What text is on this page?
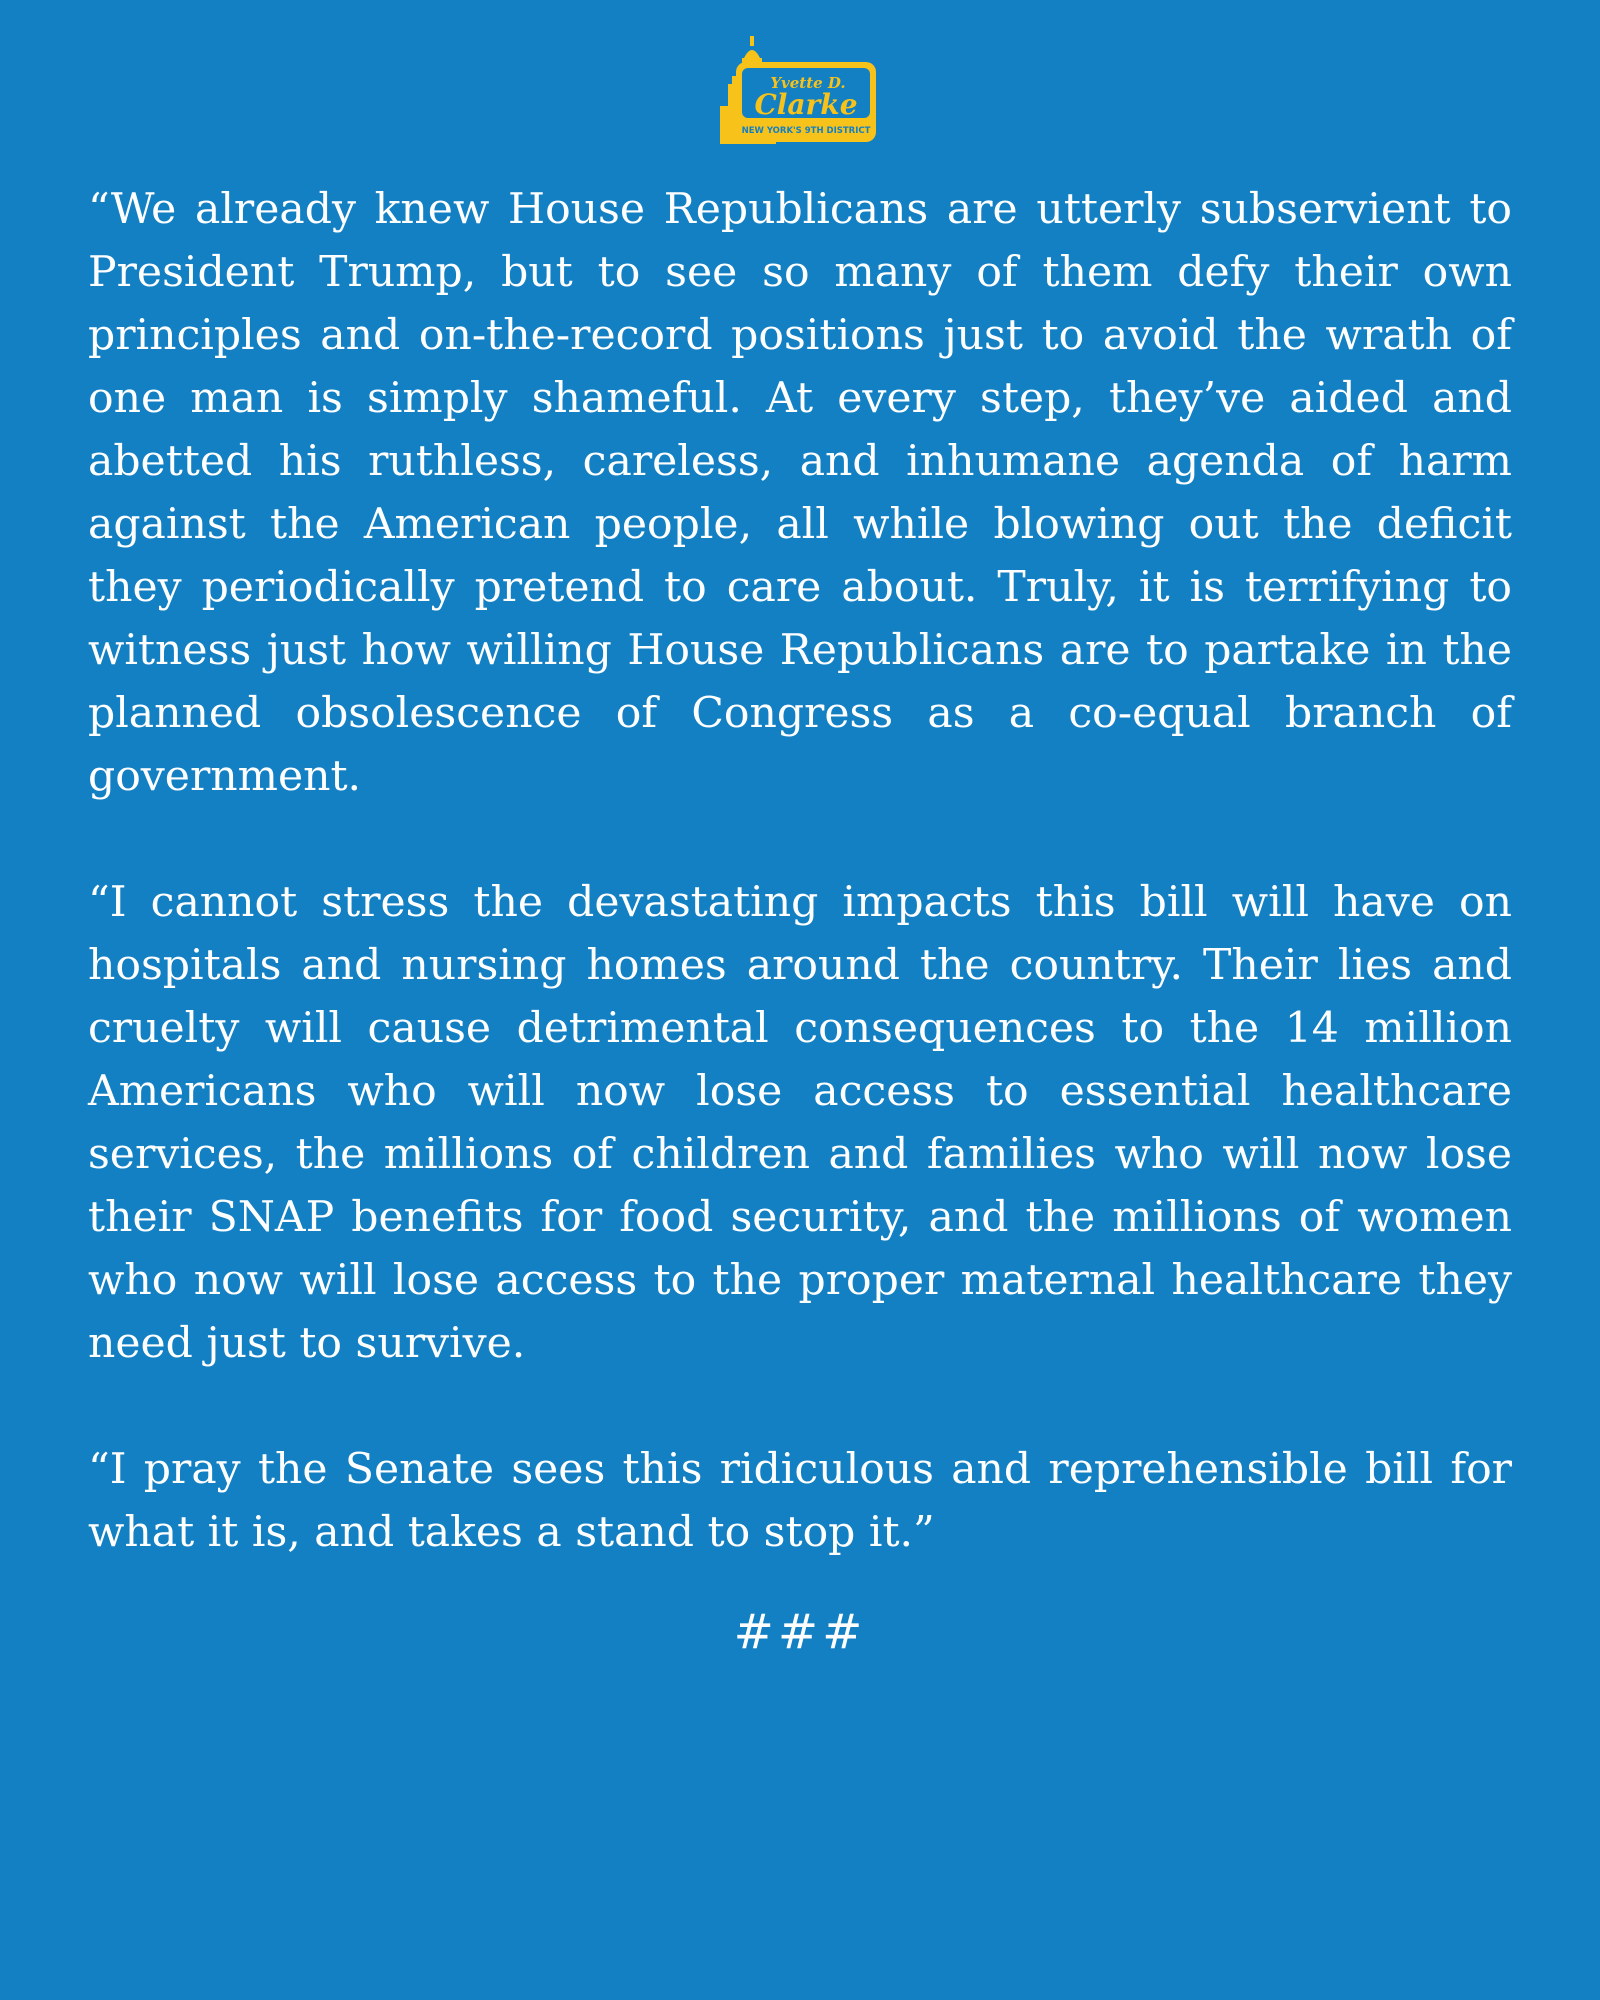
Yvette D.
Clarke
NEW YORK'S 9TH DISTRICT

“We already knew House Republicans are utterly subservient to President Trump, but to see so many of them defy their own principles and on-the-record positions just to avoid the wrath of one man is simply shameful. At every step, they’ve aided and abetted his ruthless, careless, and inhumane agenda of harm against the American people, all while blowing out the deficit they periodically pretend to care about. Truly, it is terrifying to witness just how willing House Republicans are to partake in the planned obsolescence of Congress as a co-equal branch of government.

“I cannot stress the devastating impacts this bill will have on hospitals and nursing homes around the country. Their lies and cruelty will cause detrimental consequences to the 14 million Americans who will now lose access to essential healthcare services, the millions of children and families who will now lose their SNAP benefits for food security, and the millions of women who now will lose access to the proper maternal healthcare they need just to survive.

“I pray the Senate sees this ridiculous and reprehensible bill for what it is, and takes a stand to stop it.”

###
